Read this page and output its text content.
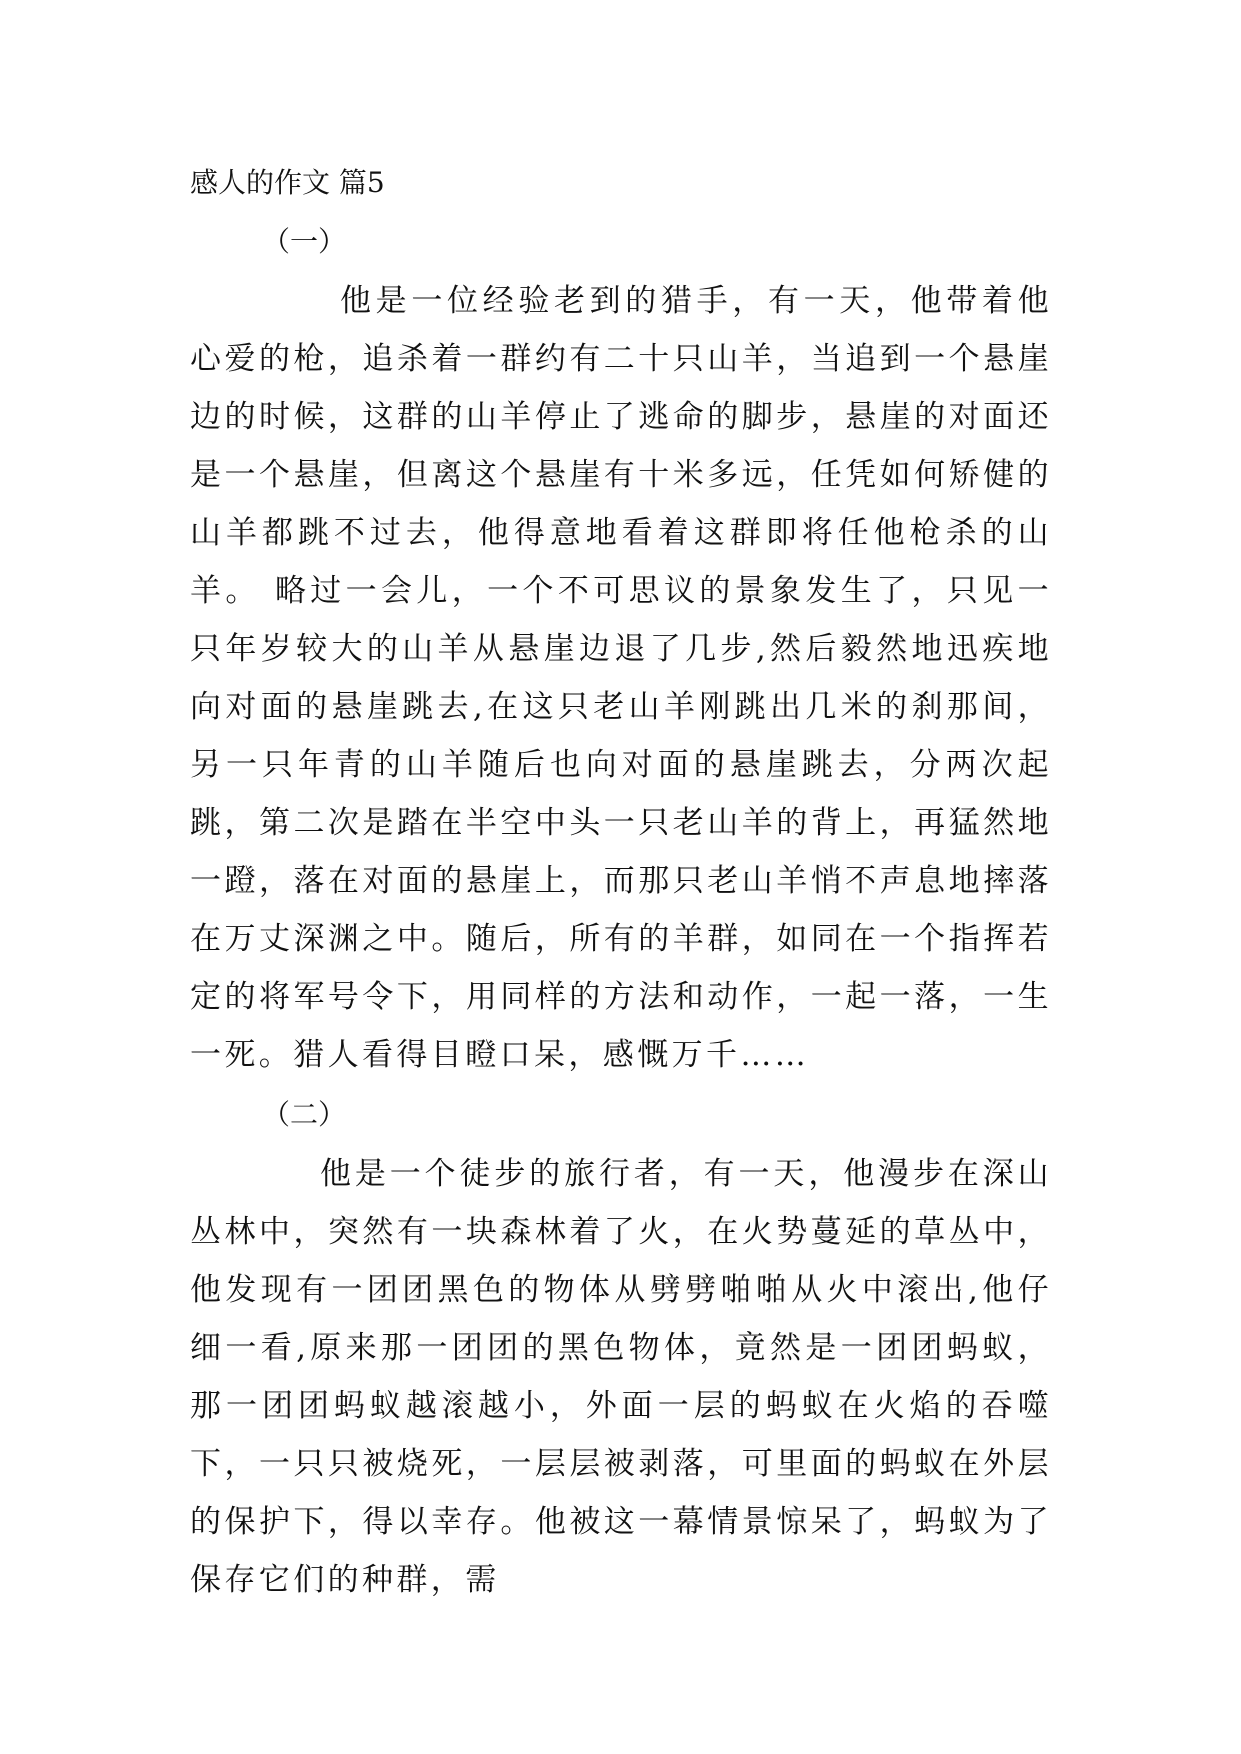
感人的作文 篇5
（一）

他是一位经验老到的猎手，有一天，他带着他心爱的枪，追杀着一群约有二十只山羊，当追到一个悬崖边的时候，这群的山羊停止了逃命的脚步，悬崖的对面还是一个悬崖，但离这个悬崖有十米多远，任凭如何矫健的山羊都跳不过去，他得意地看着这群即将任他枪杀的山羊。 略过一会儿，一个不可思议的景象发生了，只见一只年岁较大的山羊从悬崖边退了几步,然后毅然地迅疾地向对面的悬崖跳去,在这只老山羊刚跳出几米的刹那间，另一只年青的山羊随后也向对面的悬崖跳去，分两次起跳，第二次是踏在半空中头一只老山羊的背上，再猛然地一蹬，落在对面的悬崖上，而那只老山羊悄不声息地摔落在万丈深渊之中。随后，所有的羊群，如同在一个指挥若定的将军号令下，用同样的方法和动作，一起一落，一生一死。猎人看得目瞪口呆，感慨万千……

（二）

他是一个徒步的旅行者，有一天，他漫步在深山丛林中，突然有一块森林着了火，在火势蔓延的草丛中，他发现有一团团黑色的物体从劈劈啪啪从火中滚出,他仔细一看,原来那一团团的黑色物体，竟然是一团团蚂蚁，那一团团蚂蚁越滚越小，外面一层的蚂蚁在火焰的吞噬下，一只只被烧死，一层层被剥落，可里面的蚂蚁在外层的保护下，得以幸存。他被这一幕情景惊呆了，蚂蚁为了保存它们的种群，需
